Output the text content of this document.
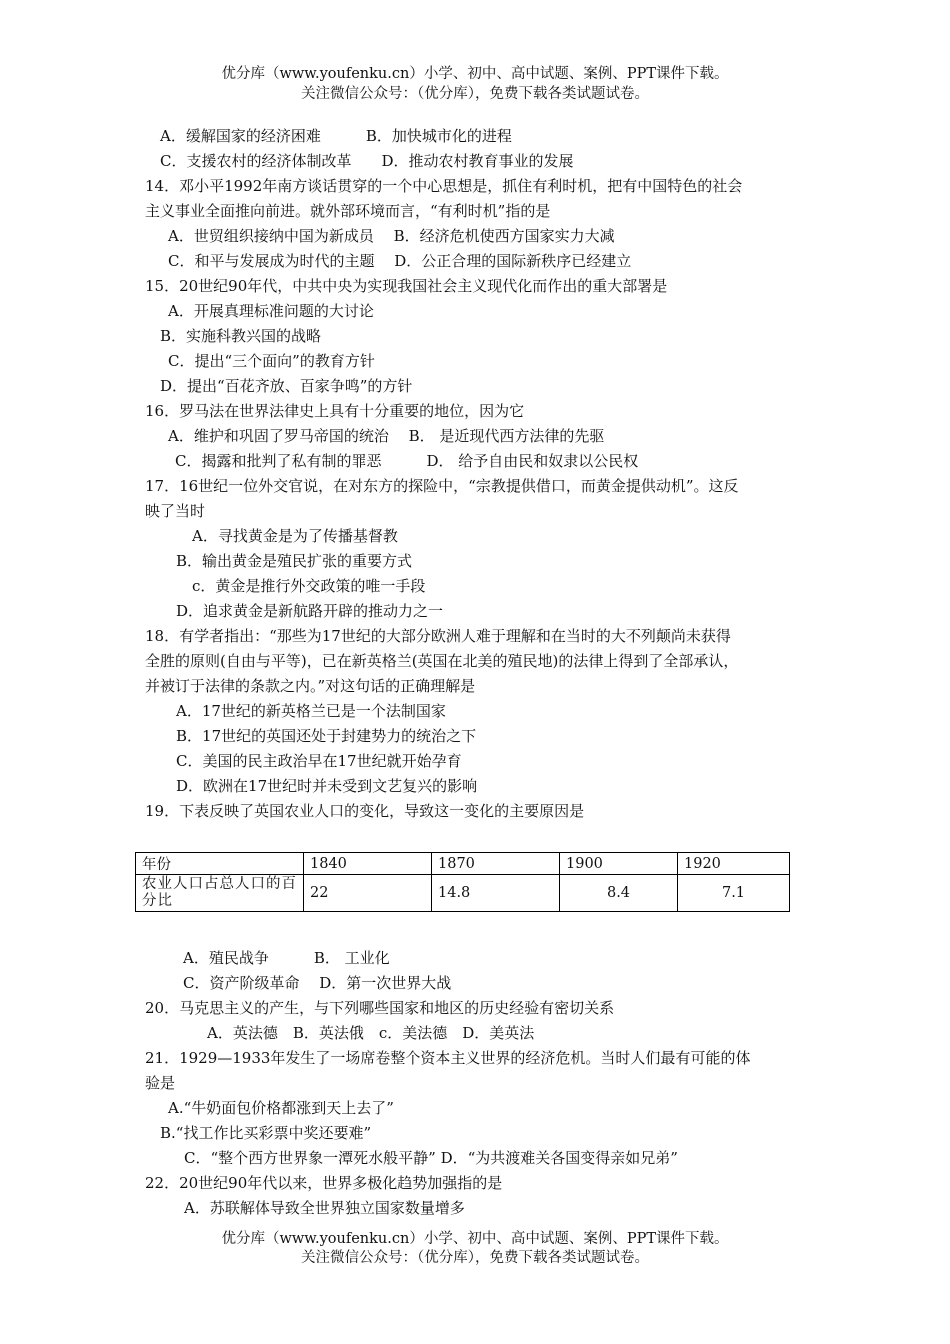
优分库（www.youfenku.cn）小学、初中、高中试题、案例、PPT课件下载。
关注微信公众号：（优分库），免费下载各类试题试卷。
A．缓解国家的经济困难　　　B．加快城市化的进程
C．支援农村的经济体制改革　　D．推动农村教育事业的发展
14．邓小平1992年南方谈话贯穿的一个中心思想是，抓住有利时机，把有中国特色的社会
主义事业全面推向前进。就外部环境而言，“有利时机”指的是
A．世贸组织接纳中国为新成员　 B．经济危机使西方国家实力大减
C．和平与发展成为时代的主题　 D．公正合理的国际新秩序已经建立
15．20世纪90年代，中共中央为实现我国社会主义现代化而作出的重大部署是
A．开展真理标准问题的大讨论
B．实施科教兴国的战略
C．提出“三个面向”的教育方针
D．提出“百花齐放、百家争鸣”的方针
16．罗马法在世界法律史上具有十分重要的地位，因为它
A．维护和巩固了罗马帝国的统治　 B． 是近现代西方法律的先驱
C．揭露和批判了私有制的罪恶　　　D． 给予自由民和奴隶以公民权
17．16世纪一位外交官说，在对东方的探险中，“宗教提供借口，而黄金提供动机”。这反
映了当时
A．寻找黄金是为了传播基督教
B．输出黄金是殖民扩张的重要方式
c．黄金是推行外交政策的唯一手段
D．追求黄金是新航路开辟的推动力之一
18．有学者指出：“那些为17世纪的大部分欧洲人难于理解和在当时的大不列颠尚未获得
全胜的原则(自由与平等)，已在新英格兰(英国在北美的殖民地)的法律上得到了全部承认，
并被订于法律的条款之内。”对这句话的正确理解是
A．17世纪的新英格兰已是一个法制国家
B．17世纪的英国还处于封建势力的统治之下
C．美国的民主政治早在17世纪就开始孕育
D．欧洲在17世纪时并未受到文艺复兴的影响
19．下表反映了英国农业人口的变化，导致这一变化的主要原因是
年份	1840	1870	1900	1920
农业人口占总人口的百分比	22	14.8	8.4	7.1
A．殖民战争　　　B． 工业化
C．资产阶级革命　 D．第一次世界大战
20．马克思主义的产生，与下列哪些国家和地区的历史经验有密切关系
A．英法德　B．英法俄　c．美法德　D．美英法
21．1929—1933年发生了一场席卷整个资本主义世界的经济危机。当时人们最有可能的体
验是
A.“牛奶面包价格都涨到天上去了”
B.“找工作比买彩票中奖还要难”
C．“整个西方世界象一潭死水般平静” D．“为共渡难关各国变得亲如兄弟”
22．20世纪90年代以来，世界多极化趋势加强指的是
A．苏联解体导致全世界独立国家数量增多
优分库（www.youfenku.cn）小学、初中、高中试题、案例、PPT课件下载。
关注微信公众号：（优分库），免费下载各类试题试卷。
